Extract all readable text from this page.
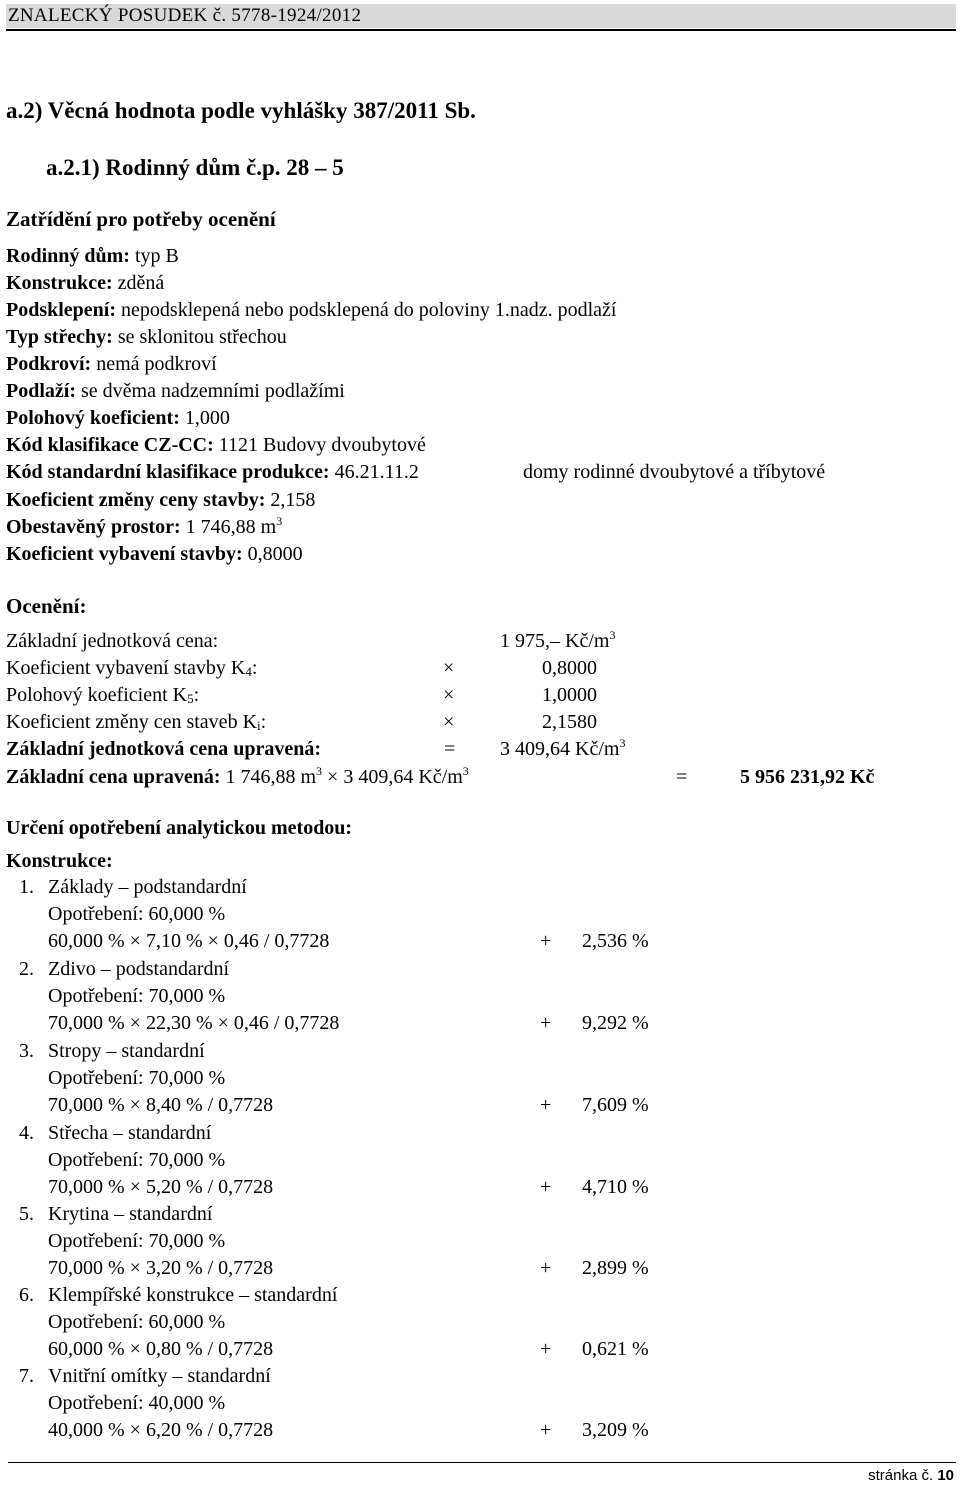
ZNALECKÝ POSUDEK č. 5778-1924/2012
a.2) Věcná hodnota podle vyhlášky 387/2011 Sb.
a.2.1) Rodinný dům č.p. 28 – 5
Zatřídění pro potřeby ocenění
Rodinný dům: typ B
Konstrukce: zděná
Podsklepení: nepodsklepená nebo podsklepená do poloviny 1.nadz. podlaží
Typ střechy: se sklonitou střechou
Podkroví: nemá podkroví
Podlaží: se dvěma nadzemními podlažími
Polohový koeficient: 1,000
Kód klasifikace CZ-CC: 1121 Budovy dvoubytové
Kód standardní klasifikace produkce: 46.21.11.2	domy rodinné dvoubytové a tříbytové
Koeficient změny ceny stavby: 2,158
Obestavěný prostor: 1 746,88 $m^3$
Koeficient vybavení stavby: 0,8000
Ocenění:
Základní jednotková cena:	1 975,– $Kč/m^3$
Koeficient vybavení stavby $K_4$:	×	0,8000
Polohový koeficient $K_5$:	×	1,0000
Koeficient změny cen staveb $K_i$:	×	2,1580
Základní jednotková cena upravená:	= 3 409,64 $Kč/m^3$
Základní cena upravená: 1 746,88 $m^3 \times 3$ 409,64 $Kč/m^3$	=	5 956 231,92 Kč
Určení opotřebení analytickou metodou:
Konstrukce:
1. Základy – podstandardní
Opotřebení: 60,000 %
60,000 % × 7,10 % × 0,46 / 0,7728	+ 2,536 %
2. Zdivo – podstandardní
Opotřebení: 70,000 %
70,000 % × 22,30 % × 0,46 / 0,7728	+ 9,292 %
3. Stropy – standardní
Opotřebení: 70,000 %
70,000 % × 8,40 % / 0,7728	+ 7,609 %
4. Střecha – standardní
Opotřebení: 70,000 %
70,000 % × 5,20 % / 0,7728	+ 4,710 %
5. Krytina – standardní
Opotřebení: 70,000 %
70,000 % × 3,20 % / 0,7728	+ 2,899 %
6. Klempířské konstrukce – standardní
Opotřebení: 60,000 %
60,000 % × 0,80 % / 0,7728	+ 0,621 %
7. Vnitřní omítky – standardní
Opotřebení: 40,000 %
40,000 % × 6,20 % / 0,7728	+ 3,209 %
stránka č. 10
